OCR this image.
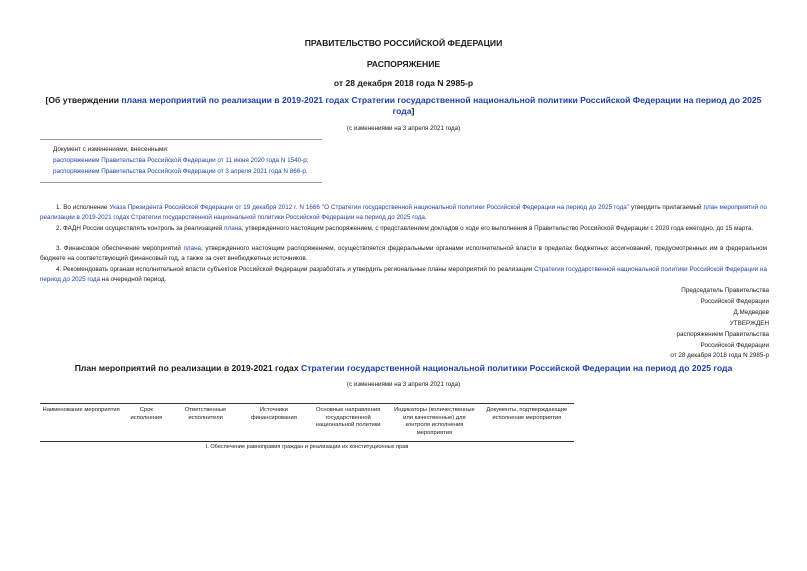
ПРАВИТЕЛЬСТВО РОССИЙСКОЙ ФЕДЕРАЦИИ
РАСПОРЯЖЕНИЕ
от 28 декабря 2018 года N 2985-р
[Об утверждении плана мероприятий по реализации в 2019-2021 годах Стратегии государственной национальной политики Российской Федерации на период до 2025 года]
(с изменениями на 3 апреля 2021 года)
Документ с изменениями, внесенными:
распоряжением Правительства Российской Федерации от 11 июня 2020 года N 1540-р;
распоряжением Правительства Российской Федерации от 3 апреля 2021 года N 866-р.
1. Во исполнение Указа Президента Российской Федерации от 19 декабря 2012 г. N 1666 "О Стратегии государственной национальной политики Российской Федерации на период до 2025 года" утвердить прилагаемый план мероприятий по реализации в 2019-2021 годах Стратегии государственной национальной политики Российской Федерации на период до 2025 года.
2. ФАДН России осуществлять контроль за реализацией плана, утвержденного настоящим распоряжением, с представлением докладов о ходе его выполнения в Правительство Российской Федерации с 2020 года ежегодно, до 15 марта.
3. Финансовое обеспечение мероприятий плана, утвержденного настоящим распоряжением, осуществляется федеральными органами исполнительной власти в пределах бюджетных ассигнований, предусмотренных им в федеральном бюджете на соответствующий финансовый год, а также за счет внебюджетных источников.
4. Рекомендовать органам исполнительной власти субъектов Российской Федерации разработать и утвердить региональные планы мероприятий по реализации Стратегии государственной национальной политики Российской Федерации на период до 2025 года на очередной период.
Председатель Правительства
Российской Федерации
Д.Медведев
УТВЕРЖДЕН
распоряжением Правительства
Российской Федерации
от 28 декабря 2018 года N 2985-р
План мероприятий по реализации в 2019-2021 годах Стратегии государственной национальной политики Российской Федерации на период до 2025 года
(с изменениями на 3 апреля 2021 года)
Наименование мероприятия	Срок исполнения	Ответственные исполнители	Источники финансирования	Основные направления государственной национальной политики	Индикаторы (количественные или качественные) для контроля исполнения мероприятия	Документы, подтверждающие исполнение мероприятия
I. Обеспечение равноправия граждан и реализации их конституционных прав
